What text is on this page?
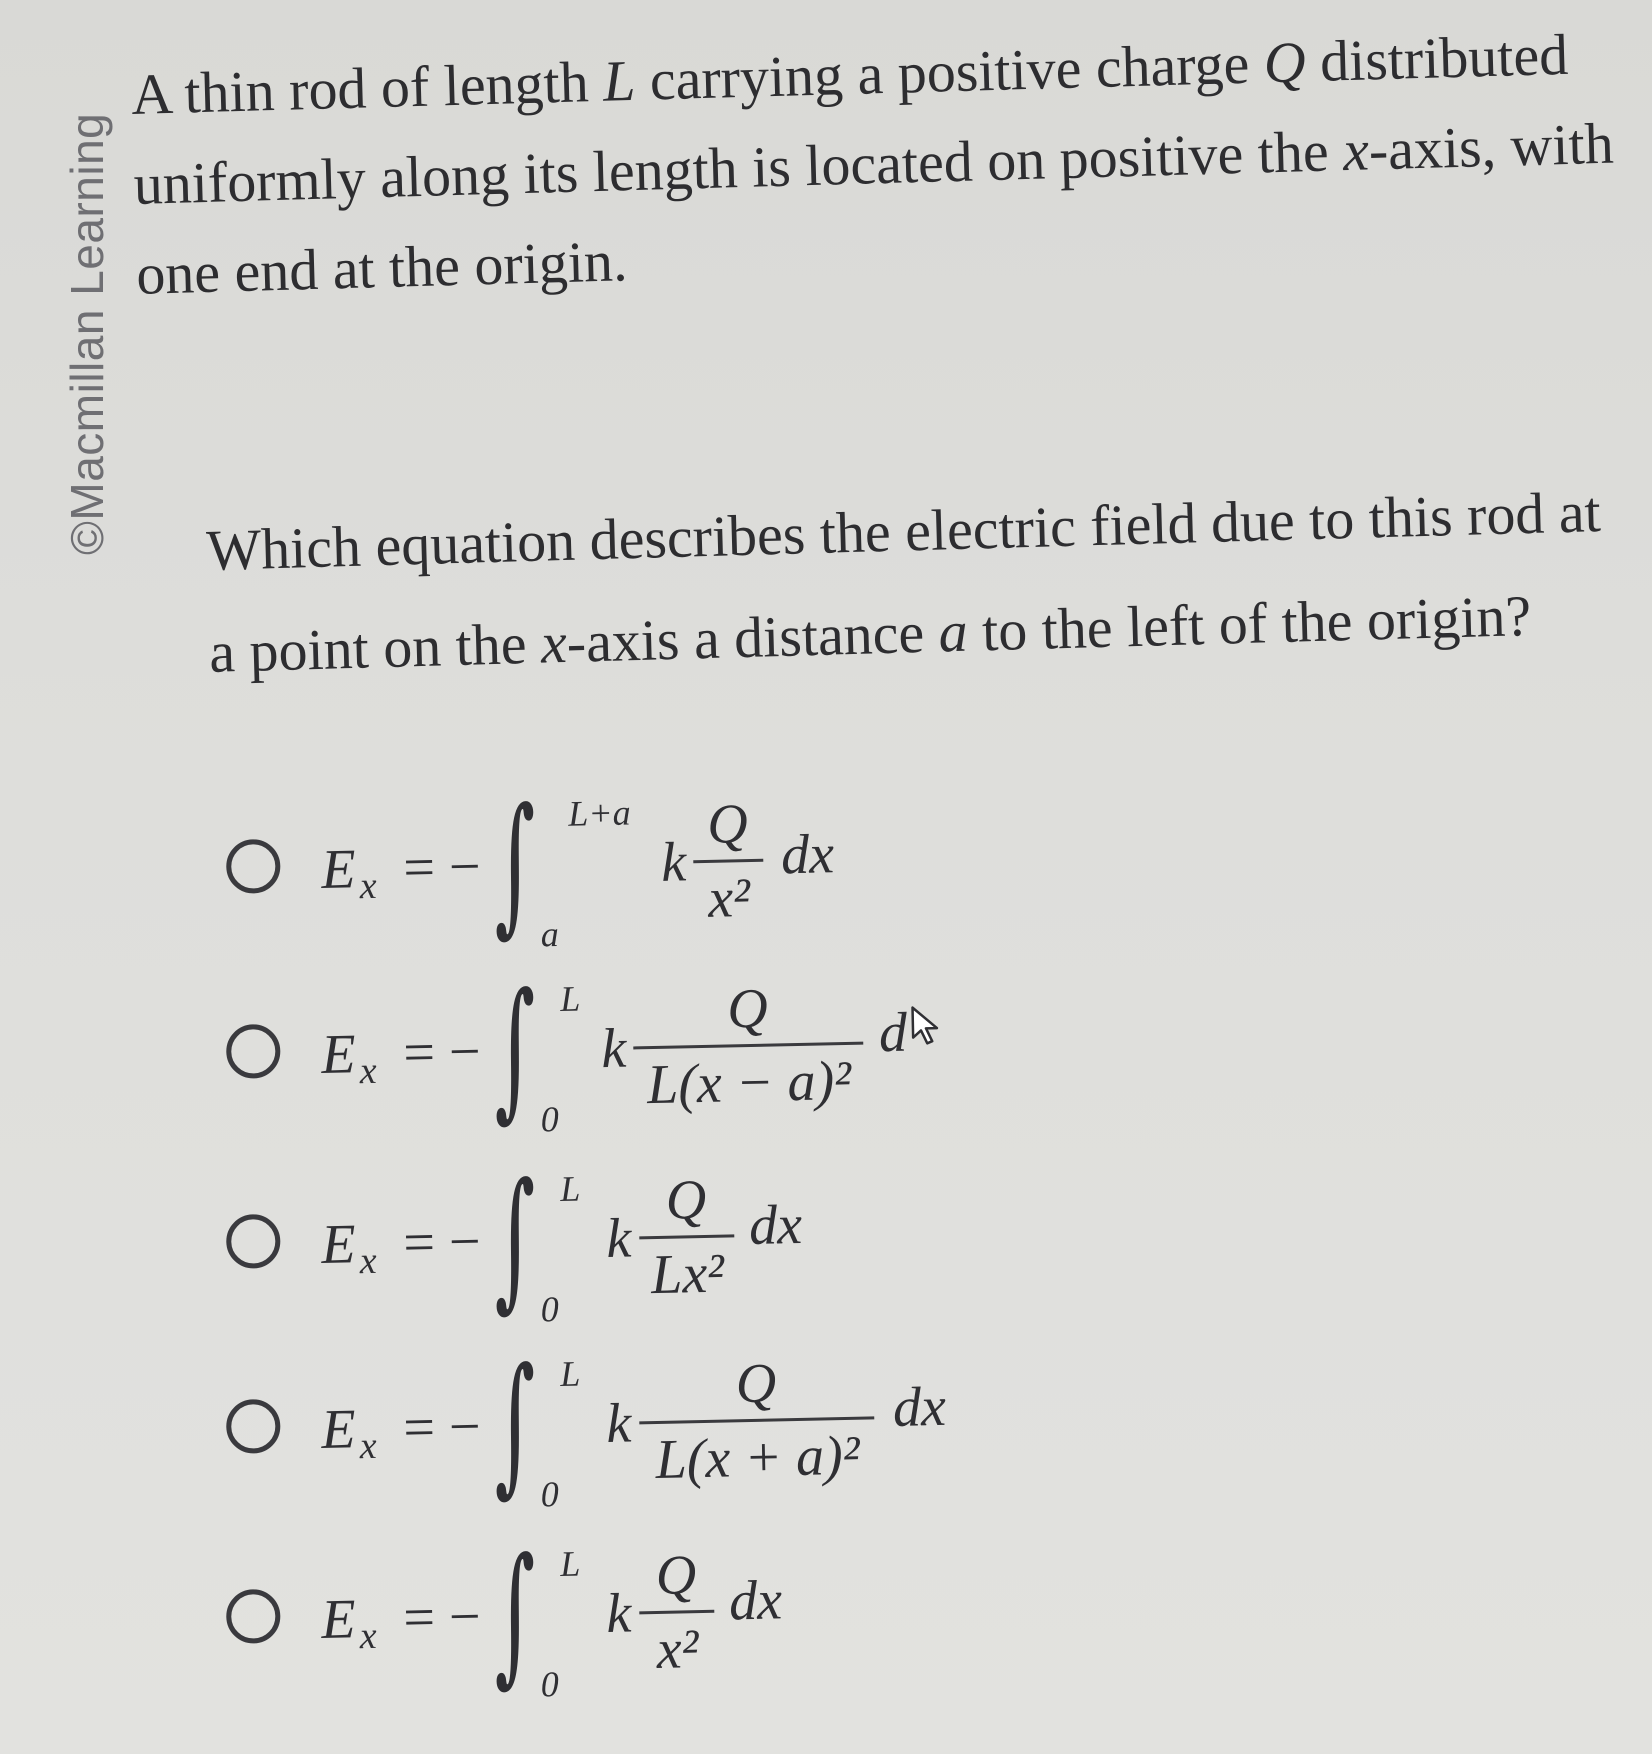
©Macmillan Learning
A thin rod of length L carrying a positive charge Q distributed uniformly along its length is located on positive the x-axis, with one end at the origin.
Which equation describes the electric field due to this rod at a point on the x-axis a distance a to the left of the origin?
E x = − ∫ L+a
a
k
Q
x²
dx
E x = − ∫ L
0
k
Q
L(x − a)²
d
E x = − ∫ L
0
k
Q
Lx²
dx
E x = − ∫ L
0
k
Q
L(x + a)²
dx
E x = − ∫ L
0
k
Q
x²
dx
